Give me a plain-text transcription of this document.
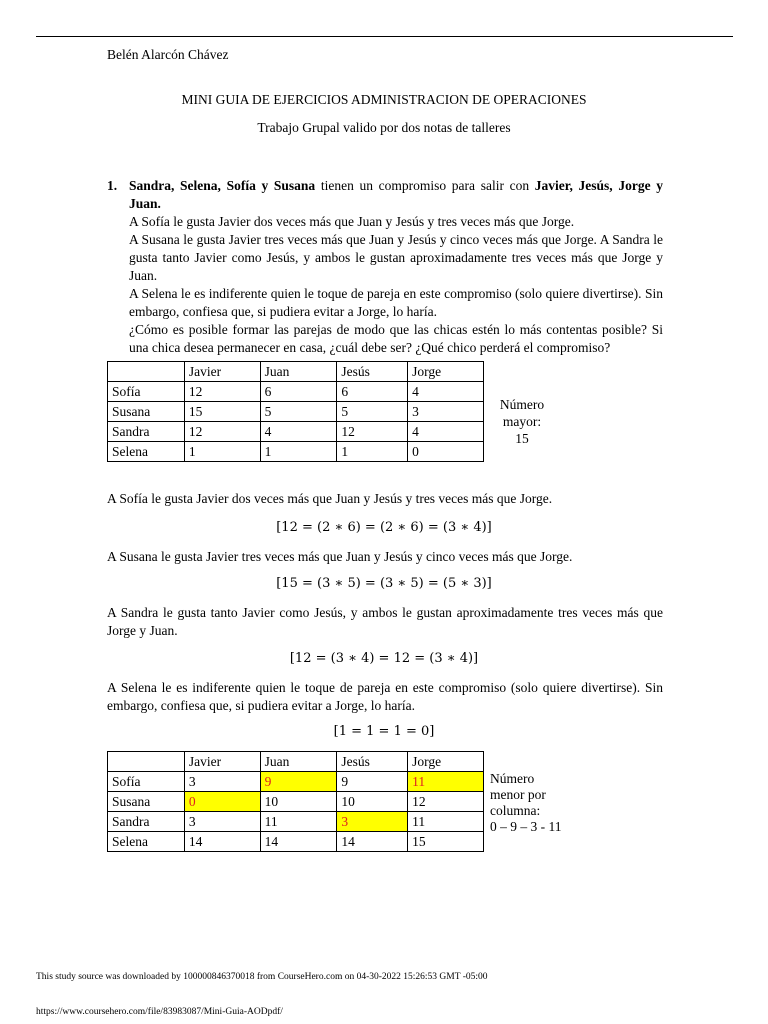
Belén Alarcón Chávez
MINI GUIA DE EJERCICIOS ADMINISTRACION DE OPERACIONES
Trabajo Grupal valido por dos notas de talleres
1. Sandra, Selena, Sofía y Susana tienen un compromiso para salir con Javier, Jesús, Jorge y Juan.

A Sofía le gusta Javier dos veces más que Juan y Jesús y tres veces más que Jorge.

A Susana le gusta Javier tres veces más que Juan y Jesús y cinco veces más que Jorge. A Sandra le gusta tanto Javier como Jesús, y ambos le gustan aproximadamente tres veces más que Jorge y Juan.

A Selena le es indiferente quien le toque de pareja en este compromiso (solo quiere divertirse). Sin embargo, confiesa que, si pudiera evitar a Jorge, lo haría.

¿Cómo es posible formar las parejas de modo que las chicas estén lo más contentas posible? Si una chica desea permanecer en casa, ¿cuál debe ser? ¿Qué chico perderá el compromiso?

	Javier	Juan	Jesús	Jorge
Sofía	12	6	6	4
Susana	15	5	5	3
Sandra	12	4	12	4
Selena	1	1	1	0
Número
mayor:
15
A Sofía le gusta Javier dos veces más que Juan y Jesús y tres veces más que Jorge.
[12 = (2 ∗ 6) = (2 ∗ 6) = (3 ∗ 4)]
A Susana le gusta Javier tres veces más que Juan y Jesús y cinco veces más que Jorge.
[15 = (3 ∗ 5) = (3 ∗ 5) = (5 ∗ 3)]
A Sandra le gusta tanto Javier como Jesús, y ambos le gustan aproximadamente tres veces más que Jorge y Juan.
[12 = (3 ∗ 4) = 12 = (3 ∗ 4)]
A Selena le es indiferente quien le toque de pareja en este compromiso (solo quiere divertirse). Sin embargo, confiesa que, si pudiera evitar a Jorge, lo haría.
[1 = 1 = 1 = 0]
	Javier	Juan	Jesús	Jorge
Sofía	3	9	9	11
Susana	0	10	10	12
Sandra	3	11	3	11
Selena	14	14	14	15
Número
menor por
columna:
0 – 9 – 3 - 11
This study source was downloaded by 100000846370018 from CourseHero.com on 04-30-2022 15:26:53 GMT -05:00
https://www.coursehero.com/file/83983087/Mini-Guia-AODpdf/
